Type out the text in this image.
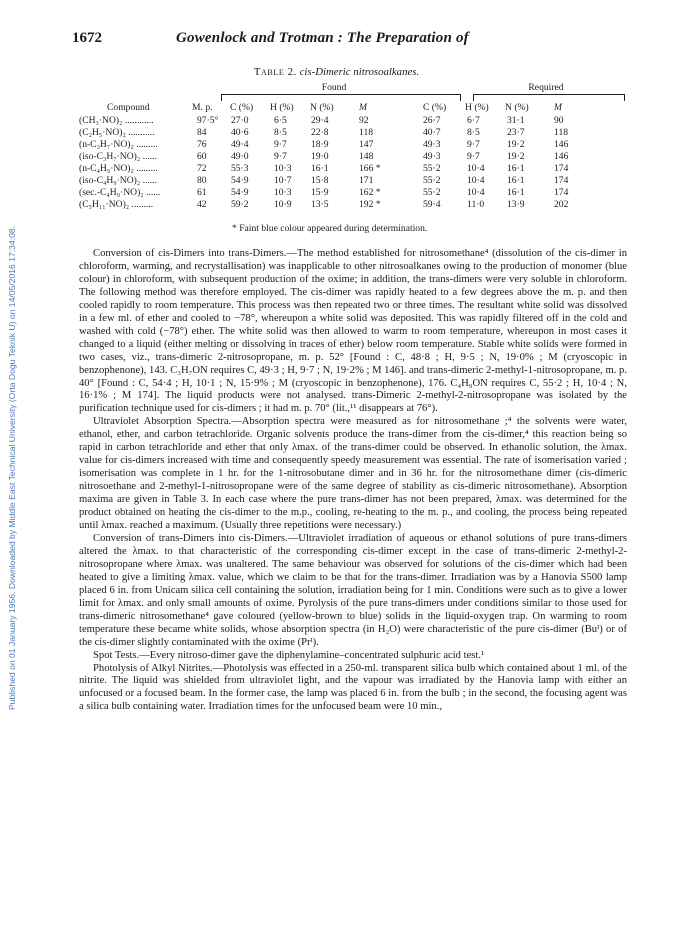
Published on 01 January 1956. Downloaded by Middle East Technical University (Orta Dogu Teknik U) on 14/05/2016 17:34:08.
1672	Gowenlock and Trotman : The Preparation of
Table 2. cis-Dimeric nitrosoalkanes.
Found	Required
Compound	M. p. C (%) H (%) N (%)	M	C (%) H (%) N (%)	M
(CH₃·NO)₂ ............	97·5° 27·0	6·5	29·4	92	26·7	6·7	31·1	90
(C₂H₅·NO)₂ ...........	84	40·6	8·5	22·8	118	40·7	8·5	23·7	118
(n-C₃H₇·NO)₂ .........	76	49·4	9·7	18·9	147	49·3	9·7	19·2	146
(iso-C₃H₇·NO)₂ ......	60	49·0	9·7	19·0	148	49·3	9·7	19·2	146
(n-C₄H₉·NO)₂ .........	72	55·3	10·3 16·1	166 *	55·2	10·4 16·1	174
(iso-C₄H₉·NO)₂ ......	80	54·9	10·7 15·8	171	55·2	10·4 16·1	174
(sec.-C₄H₉·NO)₂ ......	61	54·9	10·3 15·9	162 *	55·2	10·4 16·1	174
(C₅H₁₁·NO)₂ .........	42	59·2	10·9 13·5	192 *	59·4	11·0 13·9	202
* Faint blue colour appeared during determination.

Conversion of cis-Dimers into trans-Dimers.—The method established for nitrosomethane⁴ (dissolution of the cis-dimer in chloroform, warming, and recrystallisation) was inapplicable to other nitrosoalkanes owing to the production of monomer (blue colour) in chloroform, with subsequent production of the oxime; in addition, the trans-dimers were very soluble in chloroform. The following method was therefore employed. The cis-dimer was rapidly heated to a few degrees above the m. p. and then cooled rapidly to room temperature. This process was then repeated two or three times. The resultant white solid was dissolved in a few ml. of ether and cooled to −78°, whereupon a white solid was deposited. This was rapidly filtered off in the cold and washed with cold (−78°) ether. The white solid was then allowed to warm to room temperature, whereupon in most cases it changed to a liquid (either melting or dissolving in traces of ether) below room temperature. Stable white solids were formed in two cases, viz., trans-dimeric 2-nitrosopropane, m. p. 52° [Found : C, 48·8 ; H, 9·5 ; N, 19·0% ; M (cryoscopic in benzophenone), 143. C₃H₇ON requires C, 49·3 ; H, 9·7 ; N, 19·2% ; M 146]. and trans-dimeric 2-methyl-1-nitrosopropane, m. p. 40° [Found : C, 54·4 ; H, 10·1 ; N, 15·9% ; M (cryoscopic in benzophenone), 176. C₄H₉ON requires C, 55·2 ; H, 10·4 ; N, 16·1% ; M 174]. The liquid products were not analysed. trans-Dimeric 2-methyl-2-nitrosopropane was isolated by the purification technique used for cis-dimers ; it had m. p. 70° (lit.,¹¹ disappears at 76°).

Ultraviolet Absorption Spectra.—Absorption spectra were measured as for nitrosomethane ;⁴ the solvents were water, ethanol, ether, and carbon tetrachloride. Organic solvents produce the trans-dimer from the cis-dimer,⁴ this reaction being so rapid in carbon tetrachloride and ether that only λmax. of the trans-dimer could be observed. In ethanolic solution, the λmax. value for cis-dimers increased with time and consequently speedy measurement was essential. The rate of isomerisation varied ; isomerisation was complete in 1 hr. for the 1-nitrosobutane dimer and in 36 hr. for the nitrosomethane dimer (cis-dimeric nitrosoethane and 2-methyl-1-nitrosopropane were of the same degree of stability as cis-dimeric nitrosomethane). Absorption maxima are given in Table 3. In each case where the pure trans-dimer has not been prepared, λmax. was determined for the product obtained on heating the cis-dimer to the m.p., cooling, re-heating to the m. p., and cooling, the process being repeated until λmax. reached a maximum. (Usually three repetitions were necessary.)

Conversion of trans-Dimers into cis-Dimers.—Ultraviolet irradiation of aqueous or ethanol solutions of pure trans-dimers altered the λmax. to that characteristic of the corresponding cis-dimer except in the case of trans-dimeric 2-methyl-2-nitrosopropane where λmax. was unaltered. The same behaviour was observed for solutions of the cis-dimer which had been heated to give a limiting λmax. value, which we claim to be that for the trans-dimer. Irradiation was by a Hanovia S500 lamp placed 6 in. from Unicam silica cell containing the solution, irradiation being for 1 min. Conditions were such as to give a lower limit for λmax. and only small amounts of oxime. Pyrolysis of the pure trans-dimers under conditions similar to those used for trans-dimeric nitrosomethane⁴ gave coloured (yellow-brown to blue) solids in the liquid-oxygen trap. On warming to room temperature these became white solids, whose absorption spectra (in H₂O) were characteristic of the pure cis-dimer (Buᴵ) or of the cis-dimer slightly contaminated with the oxime (Prᴵ).

Spot Tests.—Every nitroso-dimer gave the diphenylamine–concentrated sulphuric acid test.¹

Photolysis of Alkyl Nitrites.—Photolysis was effected in a 250-ml. transparent silica bulb which contained about 1 ml. of the nitrite. The liquid was shielded from ultraviolet light, and the vapour was irradiated by the Hanovia lamp with either an unfocused or a focused beam. In the former case, the lamp was placed 6 in. from the bulb ; in the second, the focusing agent was a silica bulb containing water. Irradiation times for the unfocused beam were 10 min.,
